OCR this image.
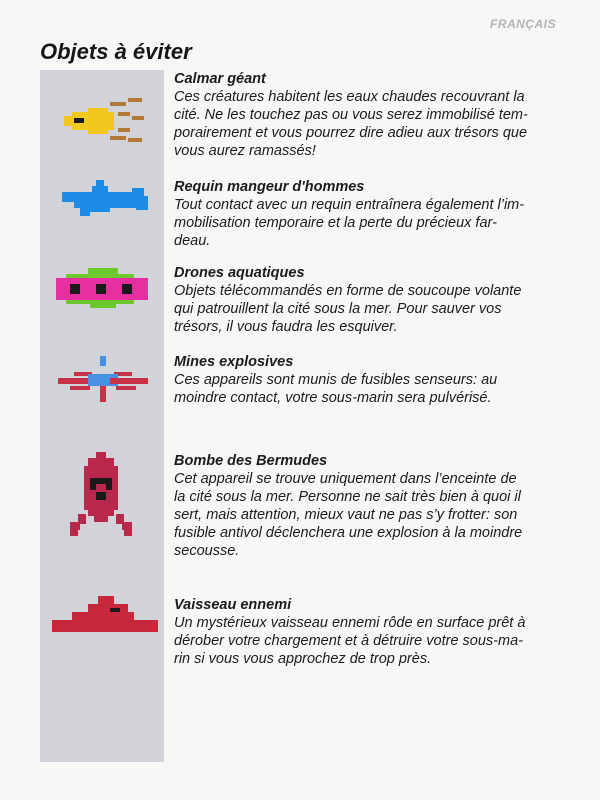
FRANÇAIS
Objets à éviter
Calmar géant

Ces créatures habitent les eaux chaudes recouvrant la
cité. Ne les touchez pas ou vous serez immobilisé tem-
porairement et vous pourrez dire adieu aux trésors que
vous aurez ramassés!

Requin mangeur d'hommes

Tout contact avec un requin entraînera également l’im-
mobilisation temporaire et la perte du précieux far-
deau.

Drones aquatiques

Objets télécommandés en forme de soucoupe volante
qui patrouillent la cité sous la mer. Pour sauver vos
trésors, il vous faudra les esquiver.

Mines explosives

Ces appareils sont munis de fusibles senseurs: au
moindre contact, votre sous-marin sera pulvérisé.

Bombe des Bermudes

Cet appareil se trouve uniquement dans l’enceinte de
la cité sous la mer. Personne ne sait très bien à quoi il
sert, mais attention, mieux vaut ne pas s’y frotter: son
fusible antivol déclenchera une explosion à la moindre
secousse.

Vaisseau ennemi

Un mystérieux vaisseau ennemi rôde en surface prêt à
dérober votre chargement et à détruire votre sous-ma-
rin si vous vous approchez de trop près.
